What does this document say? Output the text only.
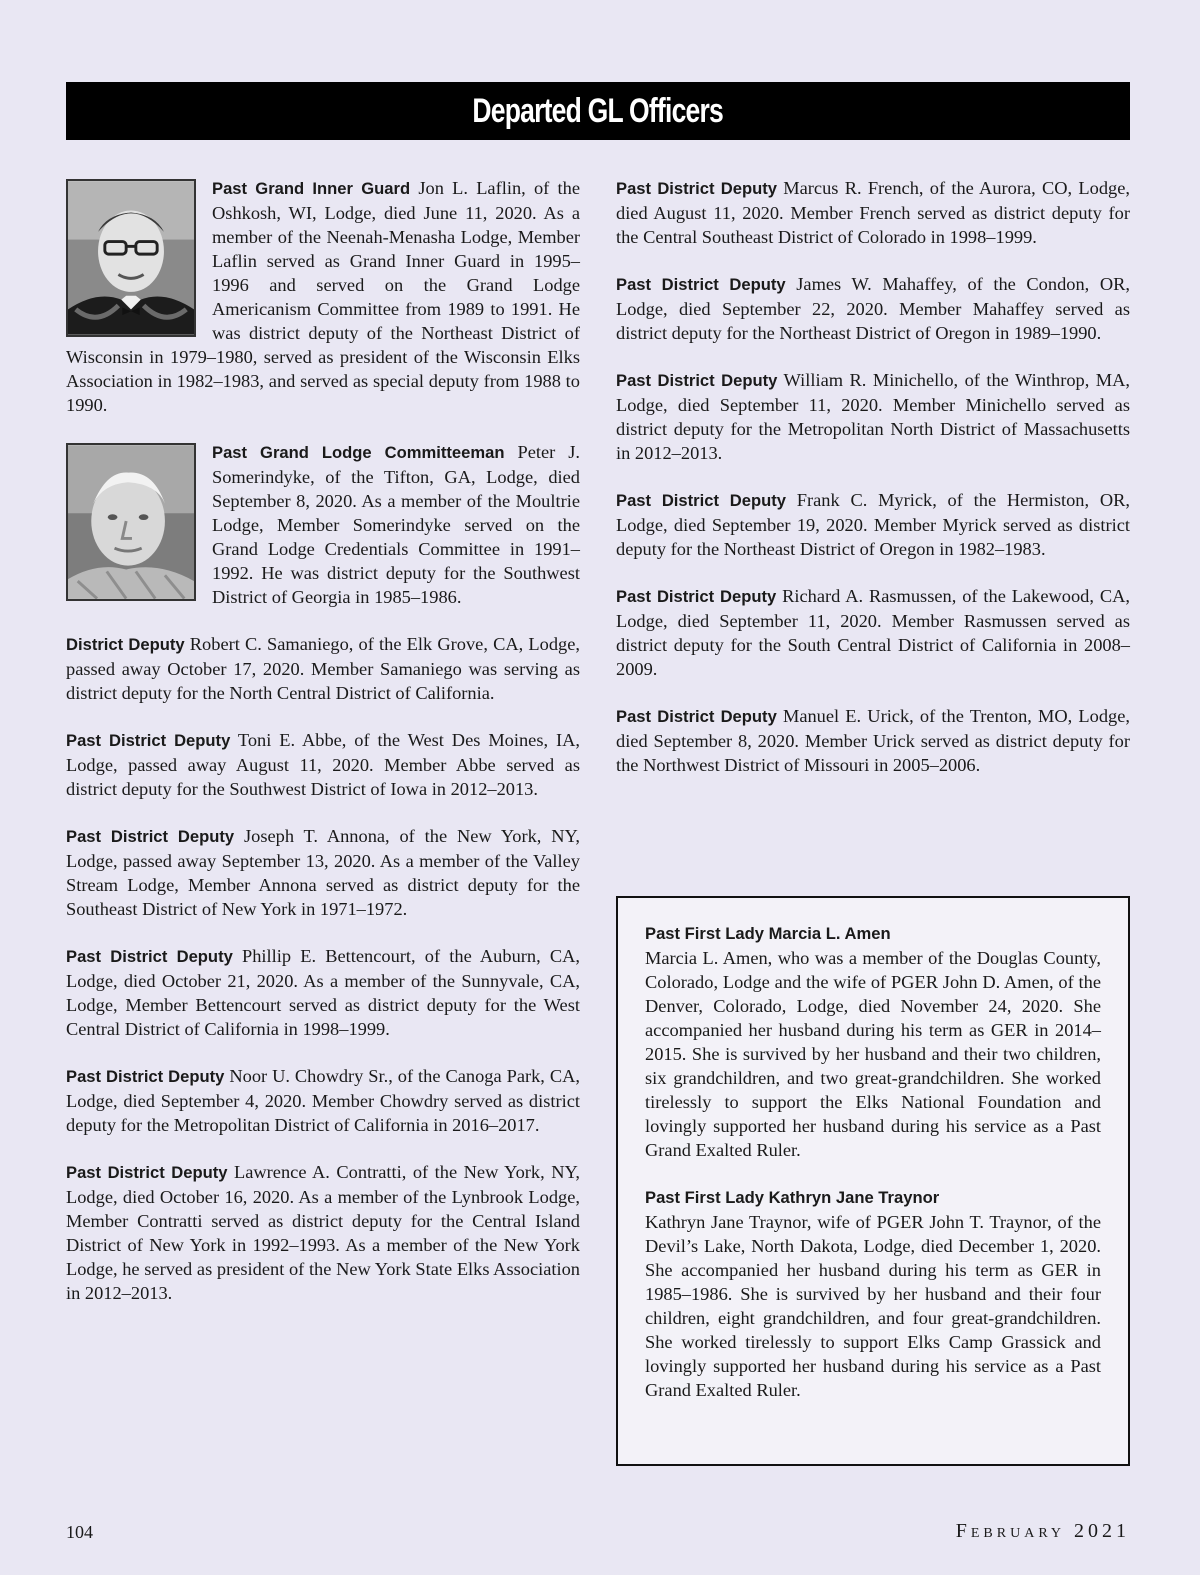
Departed GL Officers
Past Grand Inner Guard Jon L. Laflin, of the Oshkosh, WI, Lodge, died June 11, 2020. As a member of the Neenah-Menasha Lodge, Member Laflin served as Grand Inner Guard in 1995–1996 and served on the Grand Lodge Americanism Committee from 1989 to 1991. He was district deputy of the Northeast District of Wisconsin in 1979–1980, served as president of the Wisconsin Elks Association in 1982–1983, and served as special deputy from 1988 to 1990.
Past Grand Lodge Committeeman Peter J. Somerindyke, of the Tifton, GA, Lodge, died September 8, 2020. As a member of the Moultrie Lodge, Member Somerindyke served on the Grand Lodge Credentials Committee in 1991–1992. He was district deputy for the Southwest District of Georgia in 1985–1986.
District Deputy Robert C. Samaniego, of the Elk Grove, CA, Lodge, passed away October 17, 2020. Member Samaniego was serving as district deputy for the North Central District of California.
Past District Deputy Toni E. Abbe, of the West Des Moines, IA, Lodge, passed away August 11, 2020. Member Abbe served as district deputy for the Southwest District of Iowa in 2012–2013.
Past District Deputy Joseph T. Annona, of the New York, NY, Lodge, passed away September 13, 2020. As a member of the Valley Stream Lodge, Member Annona served as district deputy for the Southeast District of New York in 1971–1972.
Past District Deputy Phillip E. Bettencourt, of the Auburn, CA, Lodge, died October 21, 2020. As a member of the Sunnyvale, CA, Lodge, Member Bettencourt served as district deputy for the West Central District of California in 1998–1999.
Past District Deputy Noor U. Chowdry Sr., of the Canoga Park, CA, Lodge, died September 4, 2020. Member Chowdry served as district deputy for the Metropolitan District of California in 2016–2017.
Past District Deputy Lawrence A. Contratti, of the New York, NY, Lodge, died October 16, 2020. As a member of the Lynbrook Lodge, Member Contratti served as district deputy for the Central Island District of New York in 1992–1993. As a member of the New York Lodge, he served as president of the New York State Elks Association in 2012–2013.
Past District Deputy Marcus R. French, of the Aurora, CO, Lodge, died August 11, 2020. Member French served as district deputy for the Central Southeast District of Colorado in 1998–1999.
Past District Deputy James W. Mahaffey, of the Condon, OR, Lodge, died September 22, 2020. Member Mahaffey served as district deputy for the Northeast District of Oregon in 1989–1990.
Past District Deputy William R. Minichello, of the Winthrop, MA, Lodge, died September 11, 2020. Member Minichello served as district deputy for the Metropolitan North District of Massachusetts in 2012–2013.
Past District Deputy Frank C. Myrick, of the Hermiston, OR, Lodge, died September 19, 2020. Member Myrick served as district deputy for the Northeast District of Oregon in 1982–1983.
Past District Deputy Richard A. Rasmussen, of the Lakewood, CA, Lodge, died September 11, 2020. Member Rasmussen served as district deputy for the South Central District of California in 2008–2009.
Past District Deputy Manuel E. Urick, of the Trenton, MO, Lodge, died September 8, 2020. Member Urick served as district deputy for the Northwest District of Missouri in 2005–2006.
Past First Lady Marcia L. Amen
Marcia L. Amen, who was a member of the Douglas County, Colorado, Lodge and the wife of PGER John D. Amen, of the Denver, Colorado, Lodge, died November 24, 2020. She accompanied her husband during his term as GER in 2014–2015. She is survived by her husband and their two children, six grandchildren, and two great-grandchildren. She worked tirelessly to support the Elks National Foundation and lovingly supported her husband during his service as a Past Grand Exalted Ruler.
Past First Lady Kathryn Jane Traynor
Kathryn Jane Traynor, wife of PGER John T. Traynor, of the Devil’s Lake, North Dakota, Lodge, died December 1, 2020. She accompanied her husband during his term as GER in 1985–1986. She is survived by her husband and their four children, eight grandchildren, and four great-grandchildren. She worked tirelessly to support Elks Camp Grassick and lovingly supported her husband during his service as a Past Grand Exalted Ruler.
104	February 2021
